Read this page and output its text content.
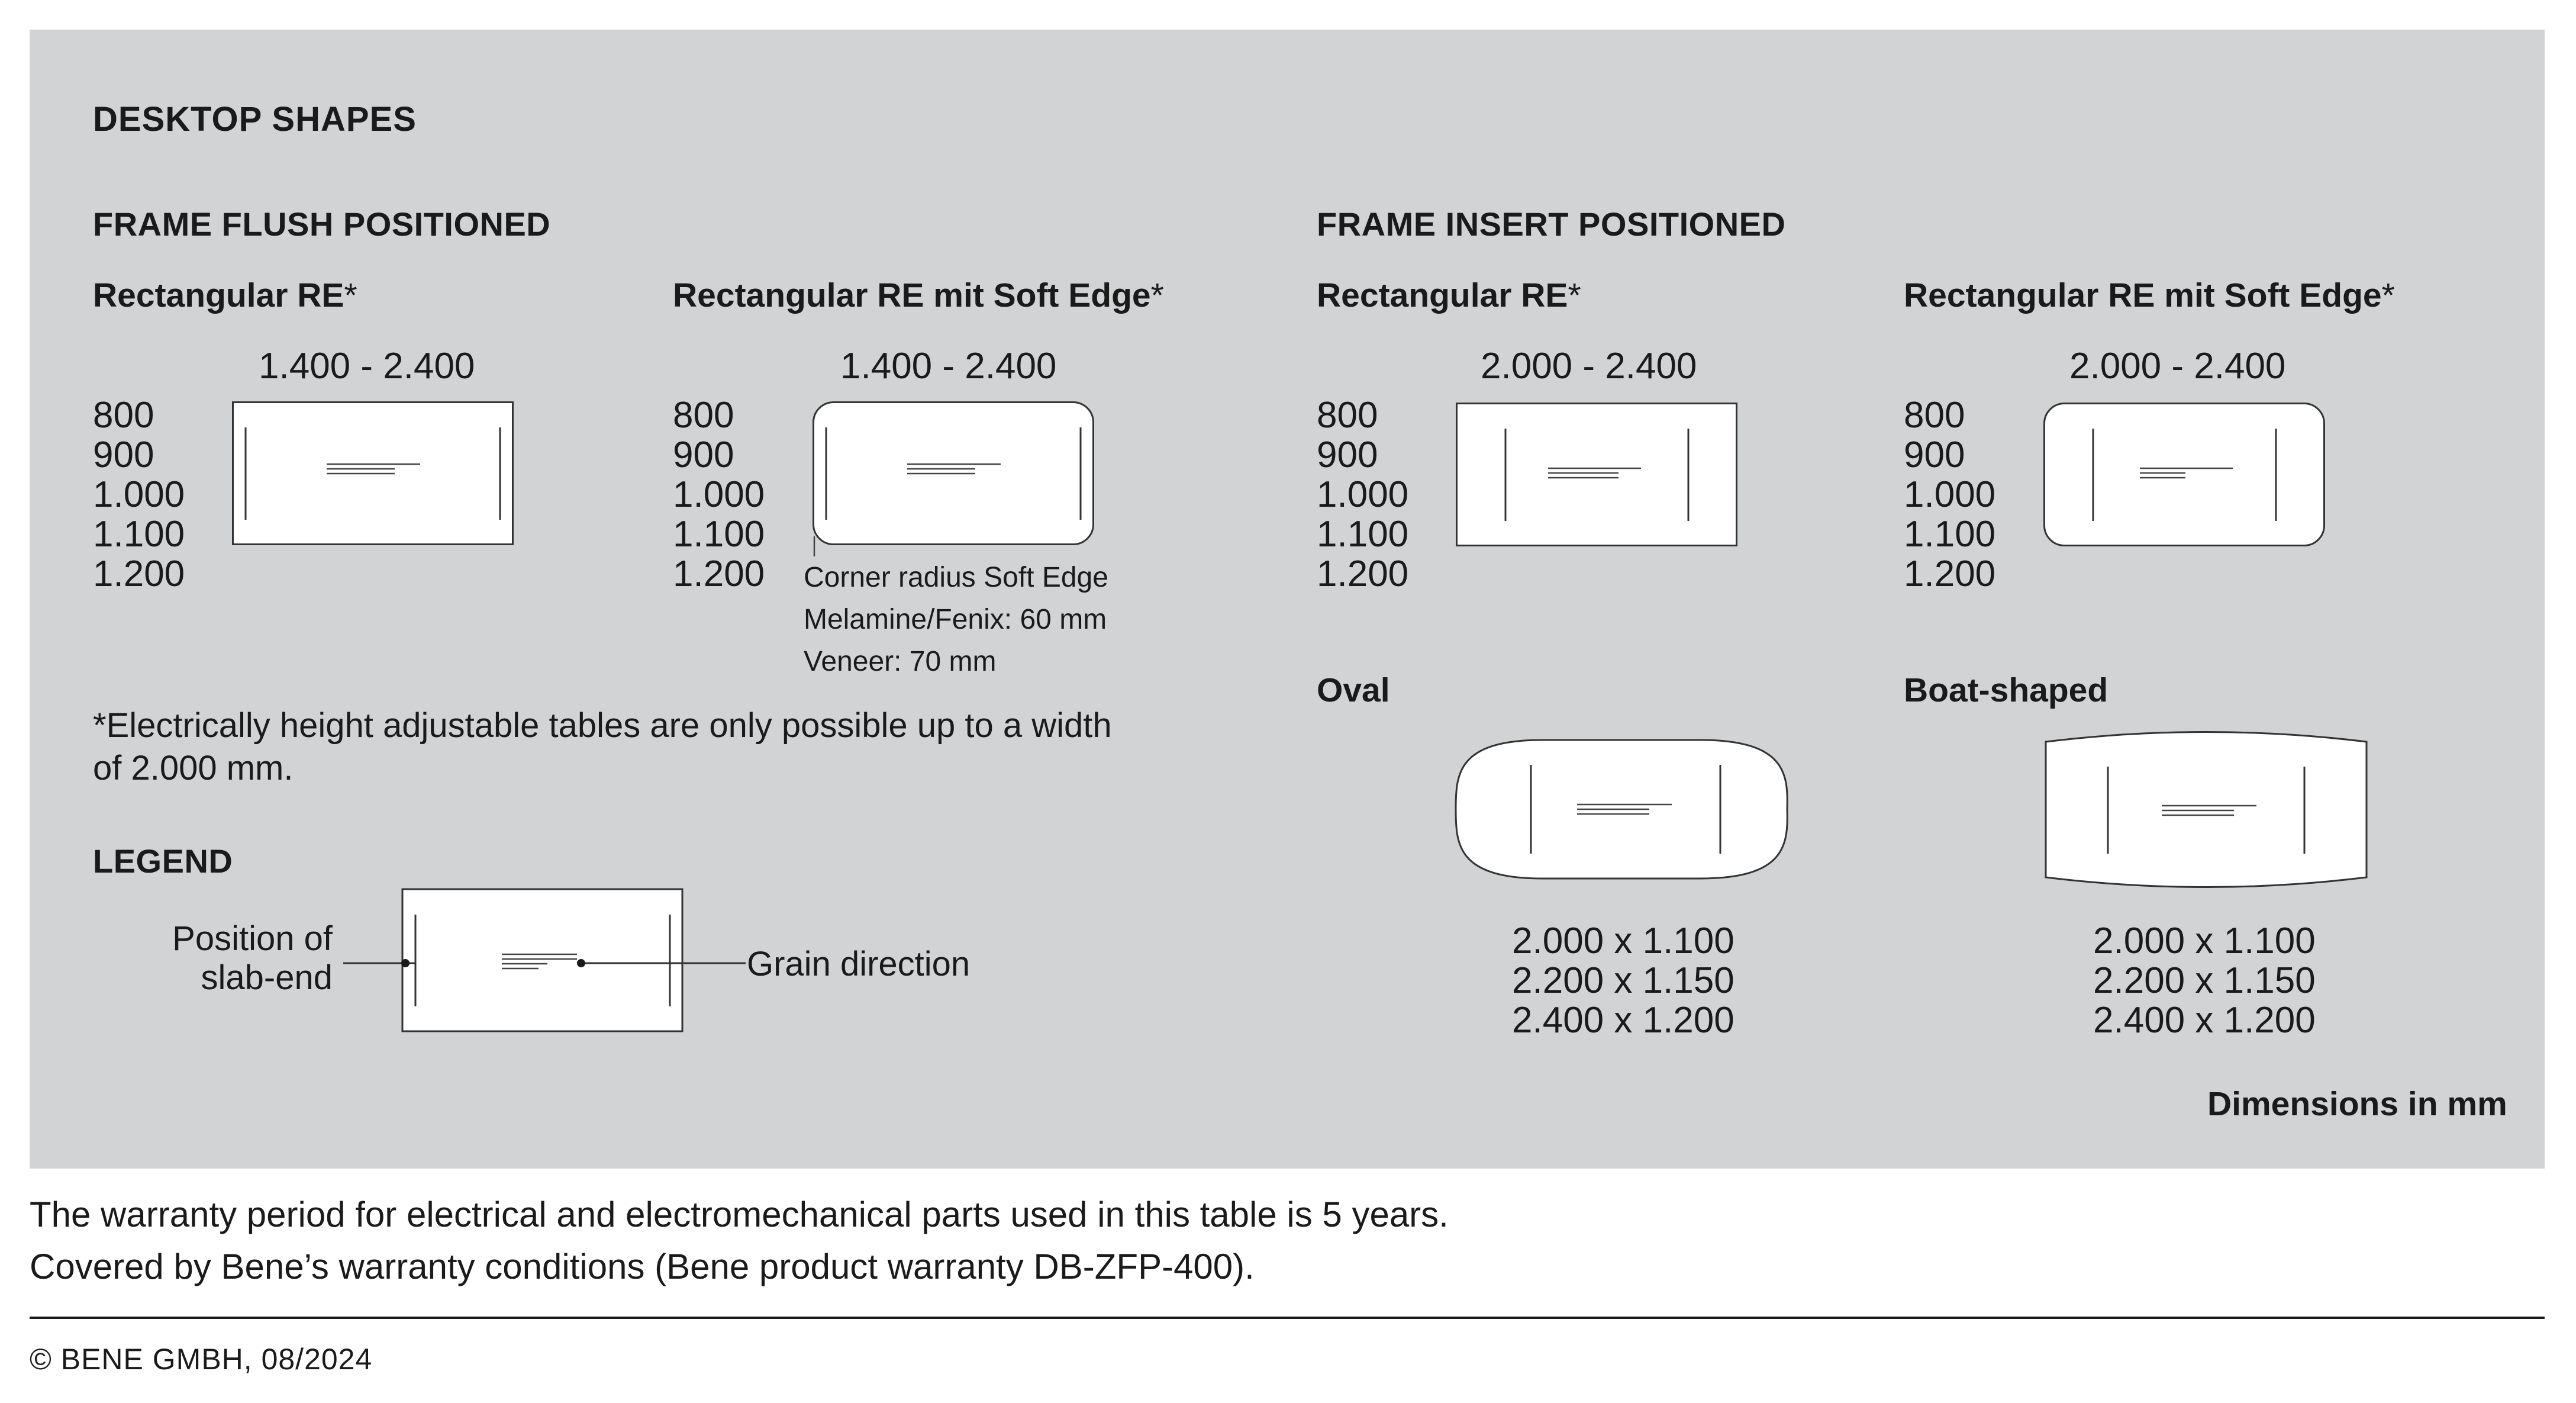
DESKTOP SHAPES
FRAME FLUSH POSITIONED	FRAME INSERT POSITIONED
Rectangular RE*
1.400 - 2.400
800
900
1.000
1.100
1.200
Rectangular RE mit Soft Edge*
1.400 - 2.400
800
900
1.000
1.100
1.200 Corner radius Soft Edge
Melamine/Fenix: 60 mm
Veneer: 70 mm
*Electrically height adjustable tables are only possible up to a width
of 2.000 mm.
LEGEND
Position of
slab-end	Grain direction
Rectangular RE*
2.000 - 2.400
800
900
1.000
1.100
1.200
Rectangular RE mit Soft Edge*
2.000 - 2.400
800
900
1.000
1.100
1.200
Oval
2.000 x 1.100
2.200 x 1.150
2.400 x 1.200
Boat-shaped
2.000 x 1.100
2.200 x 1.150
2.400 x 1.200
Dimensions in mm
The warranty period for electrical and electromechanical parts used in this table is 5 years.
Covered by Bene’s warranty conditions (Bene product warranty DB-ZFP-400).
© BENE GMBH, 08/2024
